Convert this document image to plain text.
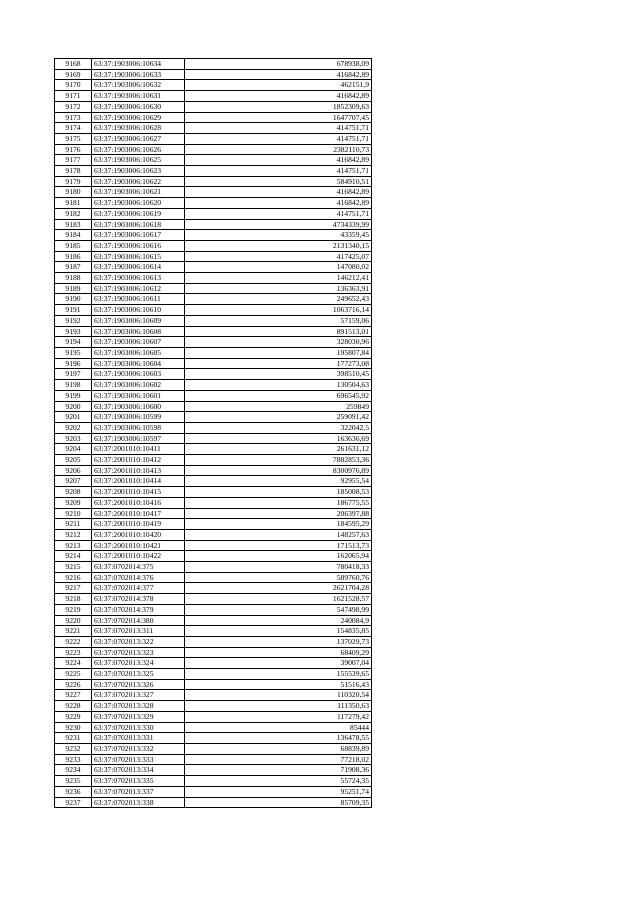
9168	63:37:1903006:10634	678938,09
9169	63:37:1903006:10633	416842,89
9170	63:37:1903006:10632	462151,9
9171	63:37:1903006:10631	416842,89
9172	63:37:1903006:10630	1852309,63
9173	63:37:1903006:10629	1647707,45
9174	63:37:1903006:10628	414751,71
9175	63:37:1903006:10627	414751,71
9176	63:37:1903006:10626	2382110,73
9177	63:37:1903006:10625	416842,89
9178	63:37:1903006:10623	414751,71
9179	63:37:1903006:10622	584910,51
9180	63:37:1903006:10621	416842,89
9181	63:37:1903006:10620	416842,89
9182	63:37:1903006:10619	414751,71
9183	63:37:1903006:10618	4734339,99
9184	63:37:1903006:10617	43359,45
9185	63:37:1903006:10616	2131340,15
9186	63:37:1903006:10615	417425,07
9187	63:37:1903006:10614	147080,02
9188	63:37:1903006:10613	146212,41
9189	63:37:1903006:10612	136363,91
9190	63:37:1903006:10611	249652,43
9191	63:37:1903006:10610	1063716,14
9192	63:37:1903006:10609	57159,06
9193	63:37:1903006:10608	891513,01
9194	63:37:1903006:10607	328030,96
9195	63:37:1903006:10605	195807,84
9196	63:37:1903006:10604	177273,08
9197	63:37:1903006:10603	398510,45
9198	63:37:1903006:10602	130504,63
9199	63:37:1903006:10601	696545,92
9200	63:37:1903006:10600	259849
9201	63:37:1903006:10599	259091,42
9202	63:37:1903006:10598	322042,5
9203	63:37:1903006:10597	163636,69
9204	63:37:2001010:10411	261631,12
9205	63:37:2001010:10412	7882853,36
9206	63:37:2001010:10413	8300976,89
9207	63:37:2001010:10414	92955,54
9208	63:37:2001010:10415	185008,53
9209	63:37:2001010:10416	186775,55
9210	63:37:2001010:10417	206397,88
9211	63:37:2001010:10419	184595,29
9212	63:37:2001010:10420	148257,63
9213	63:37:2001010:10421	171513,73
9214	63:37:2001010:10422	162065,94
9215	63:37:0702014:375	780418,33
9216	63:37:0702014:376	589760,76
9217	63:37:0702014:377	2621704,28
9218	63:37:0702014:378	1621528,57
9219	63:37:0702014:379	547498,99
9220	63:37:0702014:380	240084,9
9221	63:37:0702013:311	154835,85
9222	63:37:0702013:322	137029,73
9223	63:37:0702013:323	68409,29
9224	63:37:0702013:324	39007,04
9225	63:37:0702013:325	155539,65
9226	63:37:0702013:326	51516,43
9227	63:37:0702013:327	110320,54
9228	63:37:0702013:328	111350,63
9229	63:37:0702013:329	117279,42
9230	63:37:0702013:330	85444
9231	63:37:0702013:331	136478,55
9232	63:37:0702013:332	68839,89
9233	63:37:0702013:333	77218,02
9234	63:37:0702013:334	71908,36
9235	63:37:0702013:335	55724,35
9236	63:37:0702013:337	95251,74
9237	63:37:0702013:338	85709,35
